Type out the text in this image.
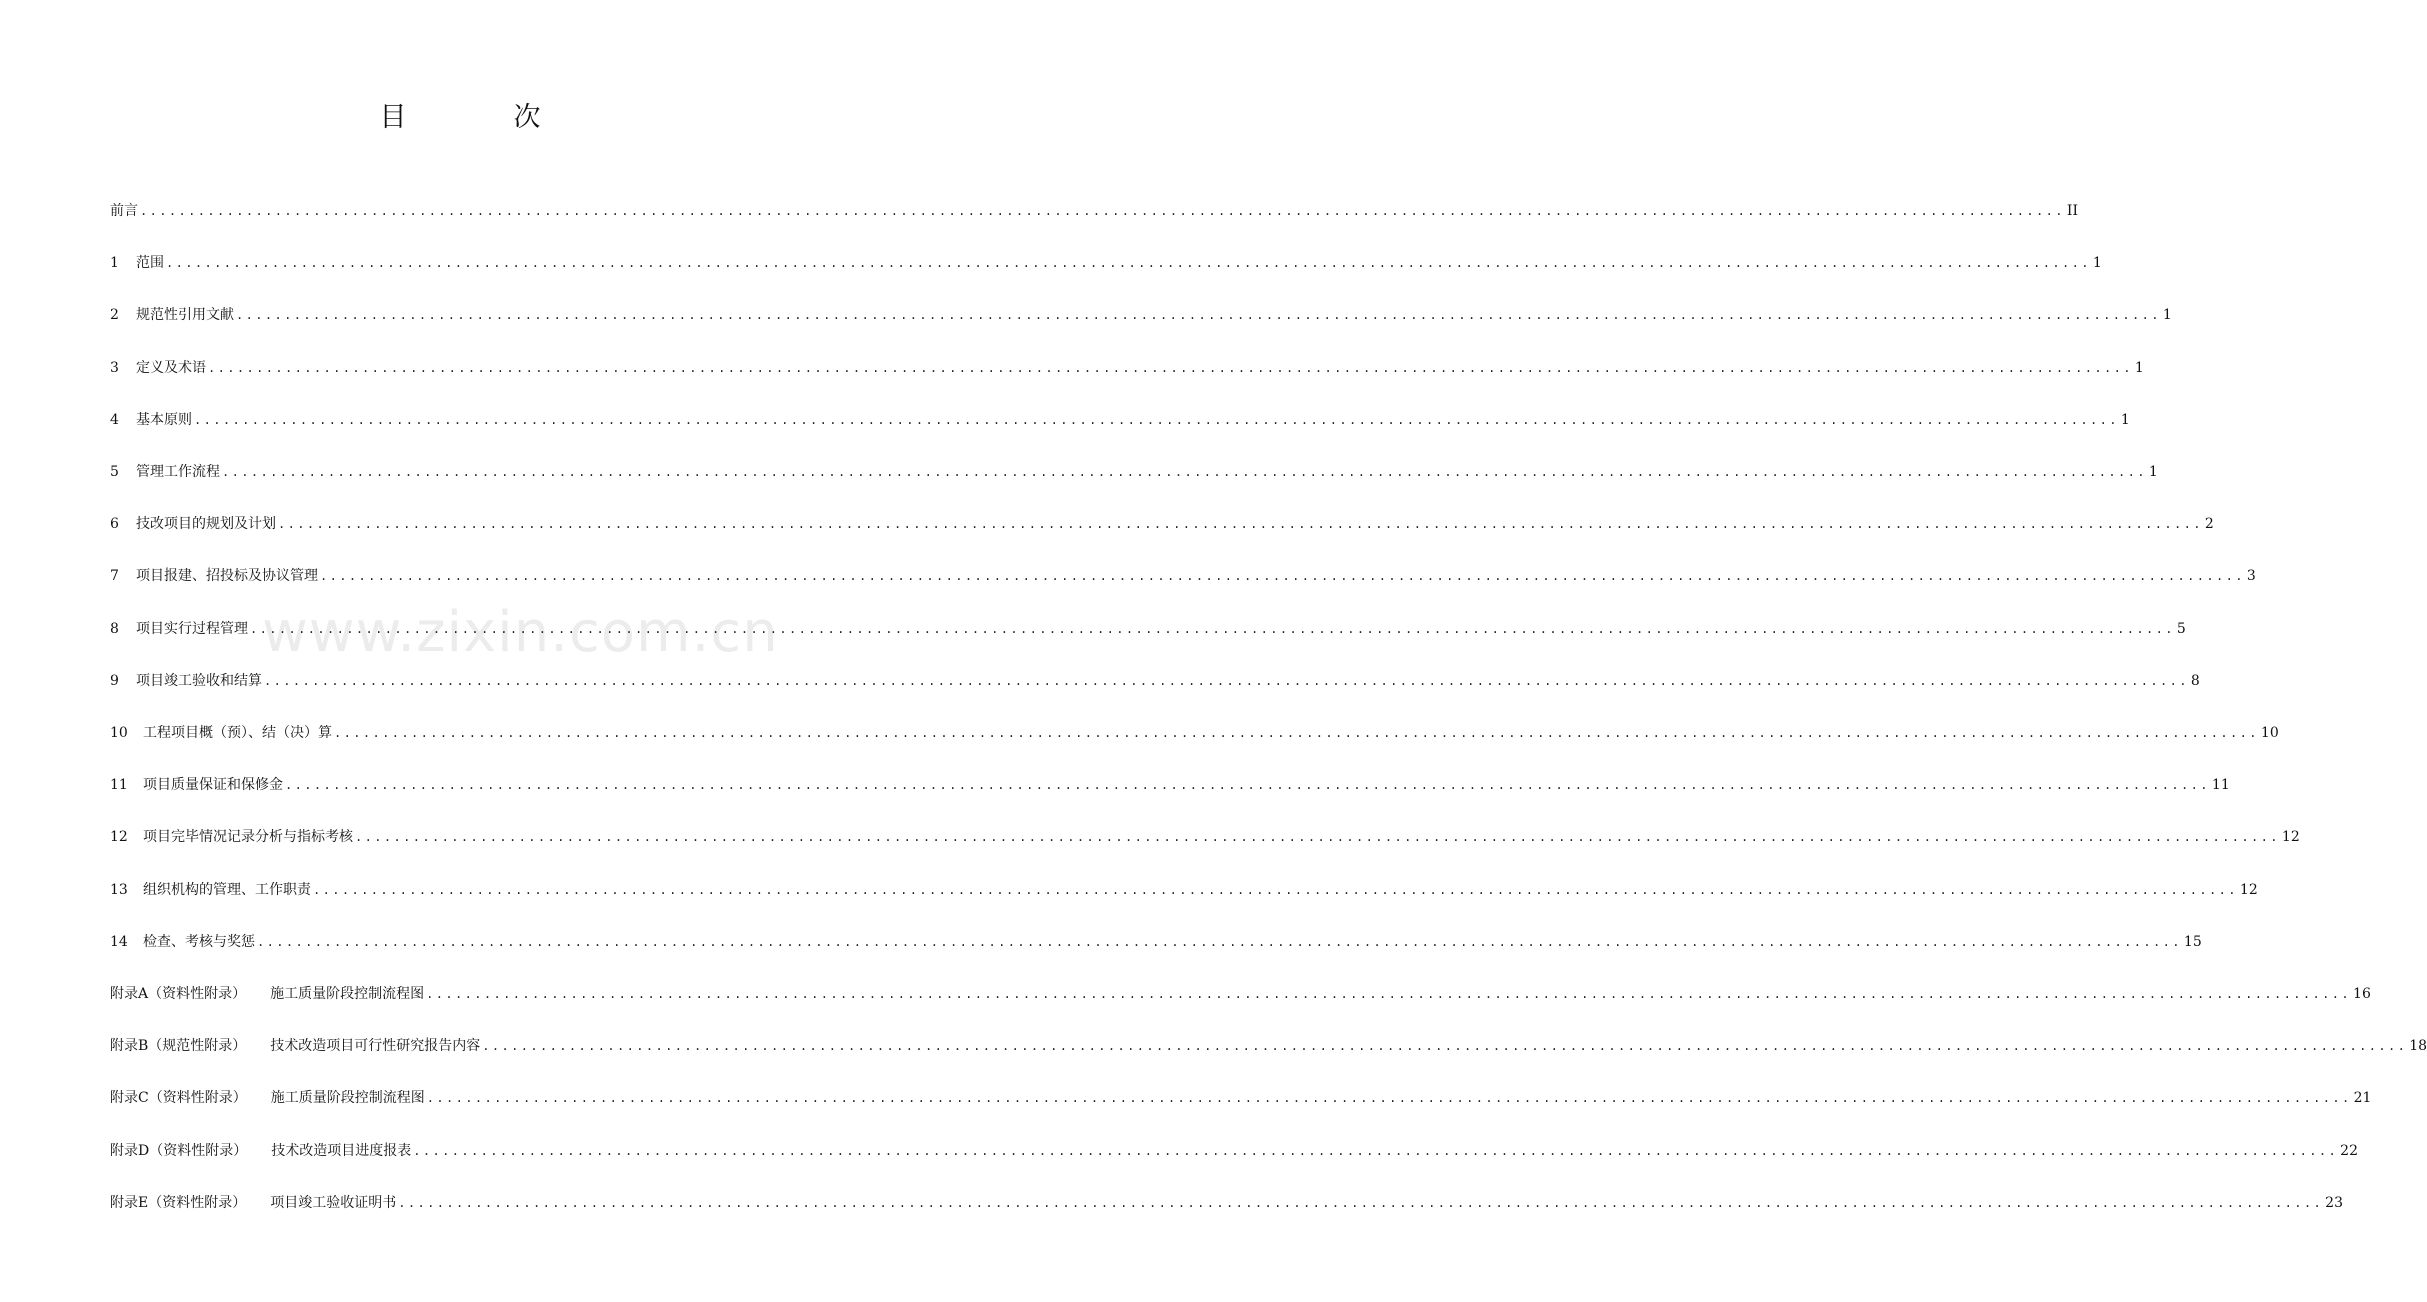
目　次
www.zixin.com.cn
前言 ........................................................................................................................................................................................................ II
1	范围 ........................................................................................................................................................................................................ 1
2	规范性引用文献 ........................................................................................................................................................................................................ 1
3	定义及术语 ........................................................................................................................................................................................................ 1
4	基本原则 ........................................................................................................................................................................................................ 1
5	管理工作流程 ........................................................................................................................................................................................................ 1
6	技改项目的规划及计划 ........................................................................................................................................................................................................ 2
7	项目报建、招投标及协议管理 ........................................................................................................................................................................................................ 3
8	项目实行过程管理 ........................................................................................................................................................................................................ 5
9	项目竣工验收和结算 ........................................................................................................................................................................................................ 8
10	工程项目概（预）、结（决）算 ........................................................................................................................................................................................................ 10
11	项目质量保证和保修金 ........................................................................................................................................................................................................ 11
12	项目完毕情况记录分析与指标考核 ........................................................................................................................................................................................................ 12
13	组织机构的管理、工作职责 ........................................................................................................................................................................................................ 12
14	检查、考核与奖惩 ........................................................................................................................................................................................................ 15
附录A（资料性附录） 施工质量阶段控制流程图 ........................................................................................................................................................................................................ 16
附录B（规范性附录） 技术改造项目可行性研究报告内容 ........................................................................................................................................................................................................ 18
附录C（资料性附录） 施工质量阶段控制流程图 ........................................................................................................................................................................................................ 21
附录D（资料性附录） 技术改造项目进度报表 ........................................................................................................................................................................................................ 22
附录E（资料性附录） 项目竣工验收证明书 ........................................................................................................................................................................................................ 23
